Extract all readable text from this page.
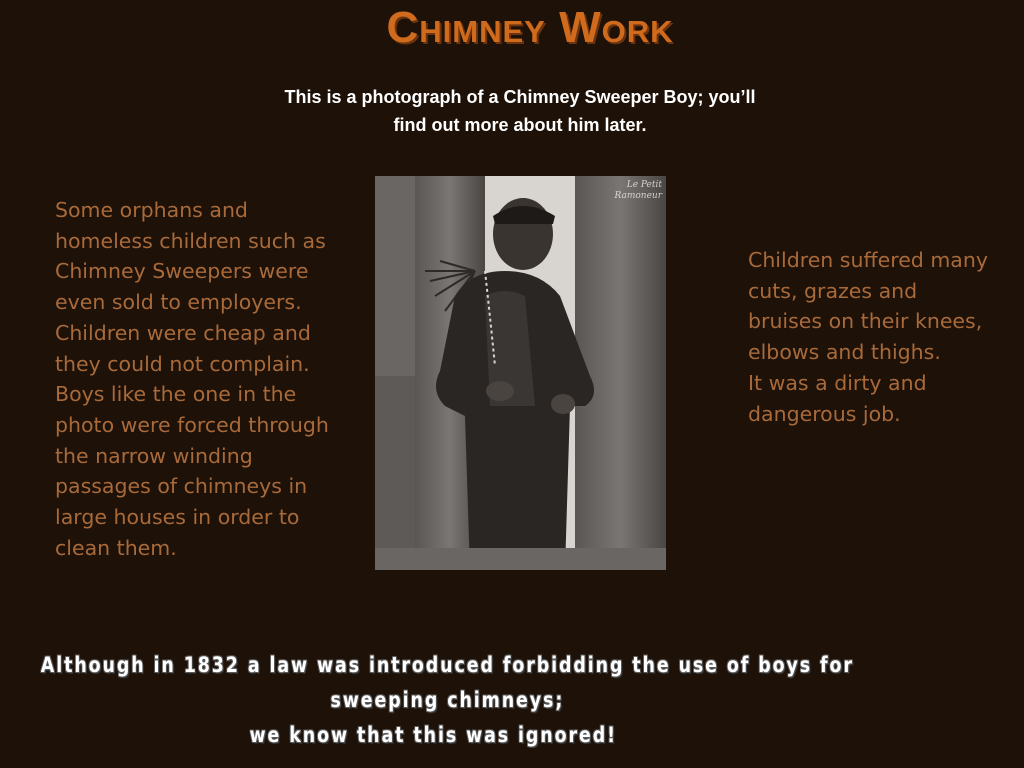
Chimney Work
This is a photograph of a Chimney Sweeper Boy; you’ll
find out more about him later.
Some orphans and homeless children such as Chimney Sweepers were even sold to employers. Children were cheap and they could not complain. Boys like the one in the photo were forced through the narrow winding passages of chimneys in large houses in order to clean them.
Le Petit
Ramoneur
Children suffered many cuts, grazes and bruises on their knees, elbows and thighs.
It was a dirty and dangerous job.
Although in 1832 a law was introduced forbidding the use of boys for sweeping chimneys;
we know that this was ignored!
